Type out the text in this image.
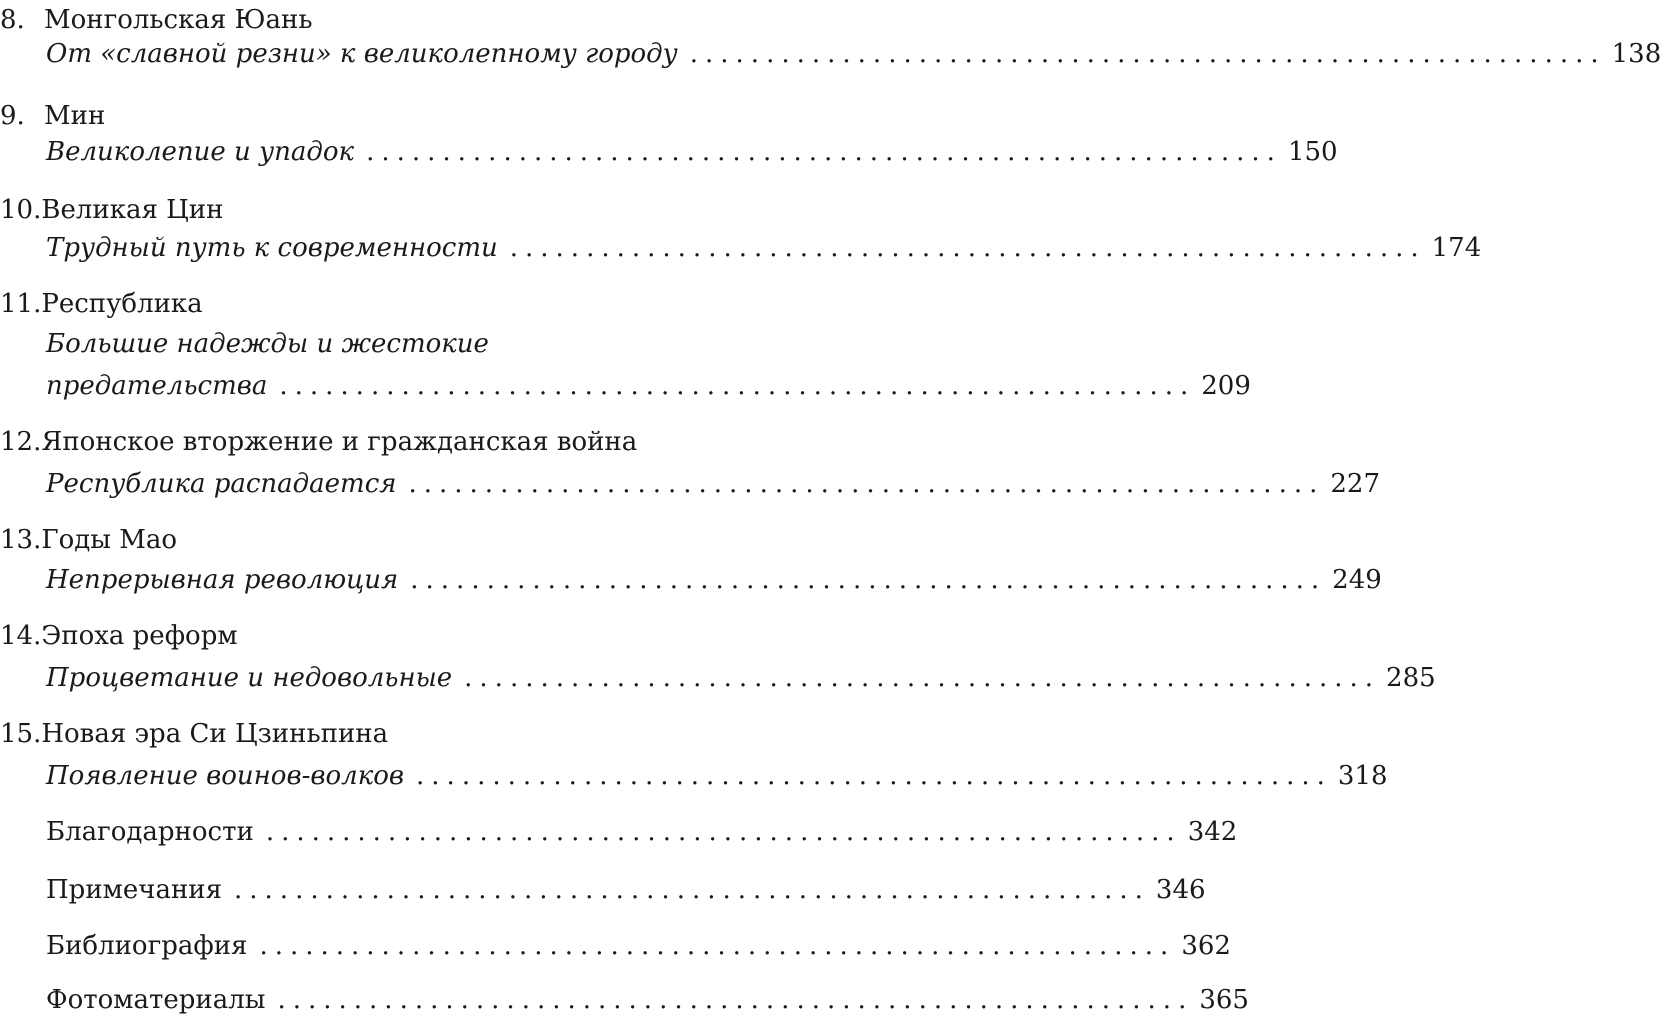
8. Монгольская Юань
От «славной резни» к великолепному городу ............................................................ 138
9. Мин
Великолепие и упадок ............................................................ 150
10.Великая Цин
Трудный путь к современности ............................................................ 174
11.Республика
Большие надежды и жестокие
предательства ............................................................ 209
12.Японское вторжение и гражданская война
Республика распадается ............................................................ 227
13.Годы Мао
Непрерывная революция ............................................................ 249
14.Эпоха реформ
Процветание и недовольные ............................................................ 285
15.Новая эра Си Цзиньпина
Появление воинов-волков ............................................................ 318
Благодарности ............................................................ 342
Примечания ............................................................ 346
Библиография ............................................................ 362
Фотоматериалы ............................................................ 365
